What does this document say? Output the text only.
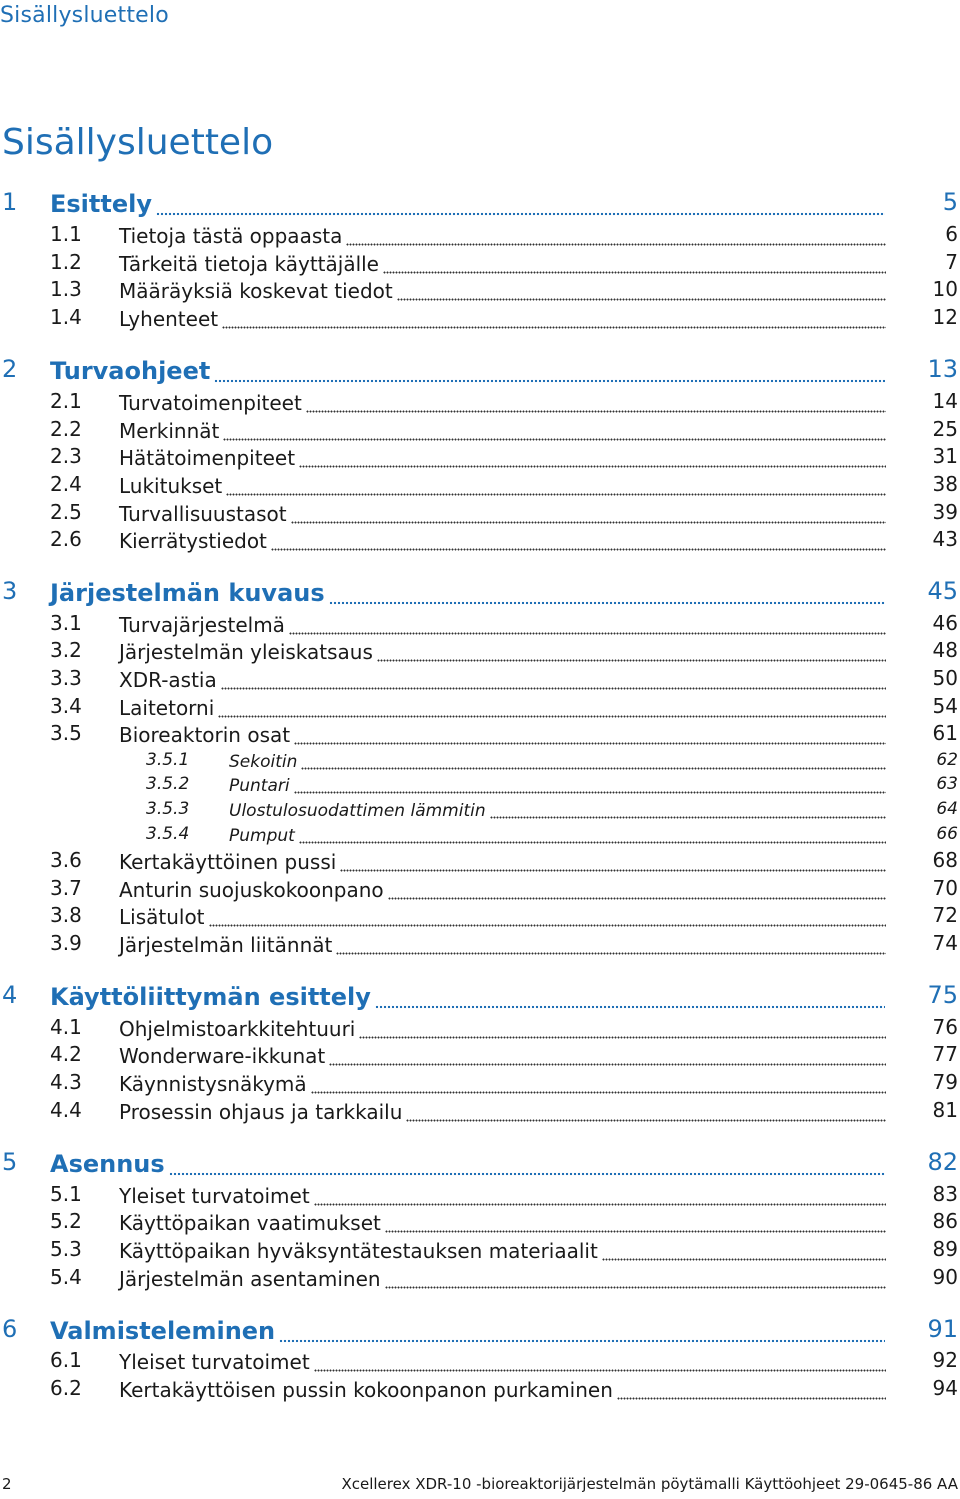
Sisällysluettelo
Sisällysluettelo
1 Esittely	5
1.1 Tietoja tästä oppaasta	6
1.2 Tärkeitä tietoja käyttäjälle	7
1.3 Määräyksiä koskevat tiedot	10
1.4 Lyhenteet	12
2 Turvaohjeet	13
2.1 Turvatoimenpiteet	14
2.2 Merkinnät	25
2.3 Hätätoimenpiteet	31
2.4 Lukitukset	38
2.5 Turvallisuustasot	39
2.6 Kierrätystiedot	43
3 Järjestelmän kuvaus	45
3.1 Turvajärjestelmä	46
3.2 Järjestelmän yleiskatsaus	48
3.3 XDR-astia	50
3.4 Laitetorni	54
3.5 Bioreaktorin osat	61
3.5.1 Sekoitin	62
3.5.2 Puntari	63
3.5.3 Ulostulosuodattimen lämmitin	64
3.5.4 Pumput	66
3.6 Kertakäyttöinen pussi	68
3.7 Anturin suojuskokoonpano	70
3.8 Lisätulot	72
3.9 Järjestelmän liitännät	74
4 Käyttöliittymän esittely	75
4.1 Ohjelmistoarkkitehtuuri	76
4.2 Wonderware-ikkunat	77
4.3 Käynnistysnäkymä	79
4.4 Prosessin ohjaus ja tarkkailu	81
5 Asennus	82
5.1 Yleiset turvatoimet	83
5.2 Käyttöpaikan vaatimukset	86
5.3 Käyttöpaikan hyväksyntätestauksen materiaalit	89
5.4 Järjestelmän asentaminen	90
6 Valmisteleminen	91
6.1 Yleiset turvatoimet	92
6.2 Kertakäyttöisen pussin kokoonpanon purkaminen	94
2	Xcellerex XDR-10 -bioreaktorijärjestelmän pöytämalli Käyttöohjeet 29-0645-86 AA
